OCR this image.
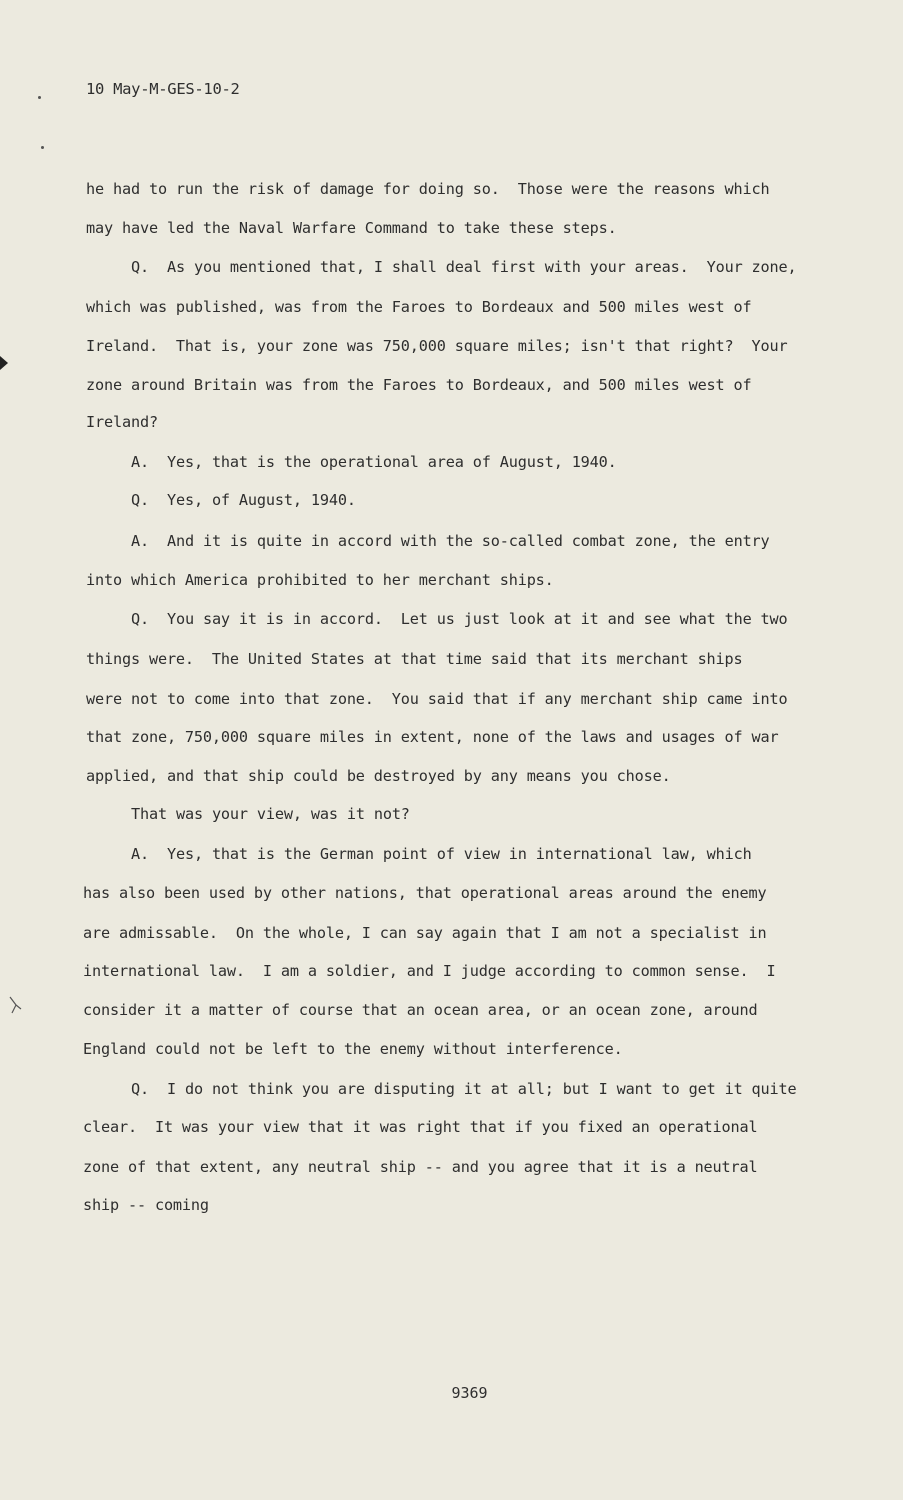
10 May-M-GES-10-2
he had to run the risk of damage for doing so.  Those were the reasons which
may have led the Naval Warfare Command to take these steps.
Q.  As you mentioned that, I shall deal first with your areas.  Your zone,
which was published, was from the Faroes to Bordeaux and 500 miles west of
Ireland.  That is, your zone was 750,000 square miles; isn't that right?  Your
zone around Britain was from the Faroes to Bordeaux, and 500 miles west of
Ireland?
A.  Yes, that is the operational area of August, 1940.
Q.  Yes, of August, 1940.
A.  And it is quite in accord with the so-called combat zone, the entry
into which America prohibited to her merchant ships.
Q.  You say it is in accord.  Let us just look at it and see what the two
things were.  The United States at that time said that its merchant ships
were not to come into that zone.  You said that if any merchant ship came into
that zone, 750,000 square miles in extent, none of the laws and usages of war
applied, and that ship could be destroyed by any means you chose.
That was your view, was it not?
A.  Yes, that is the German point of view in international law, which
has also been used by other nations, that operational areas around the enemy
are admissable.  On the whole, I can say again that I am not a specialist in
international law.  I am a soldier, and I judge according to common sense.  I
consider it a matter of course that an ocean area, or an ocean zone, around
England could not be left to the enemy without interference.
Q.  I do not think you are disputing it at all; but I want to get it quite
clear.  It was your view that it was right that if you fixed an operational
zone of that extent, any neutral ship -- and you agree that it is a neutral
ship -- coming
9369
